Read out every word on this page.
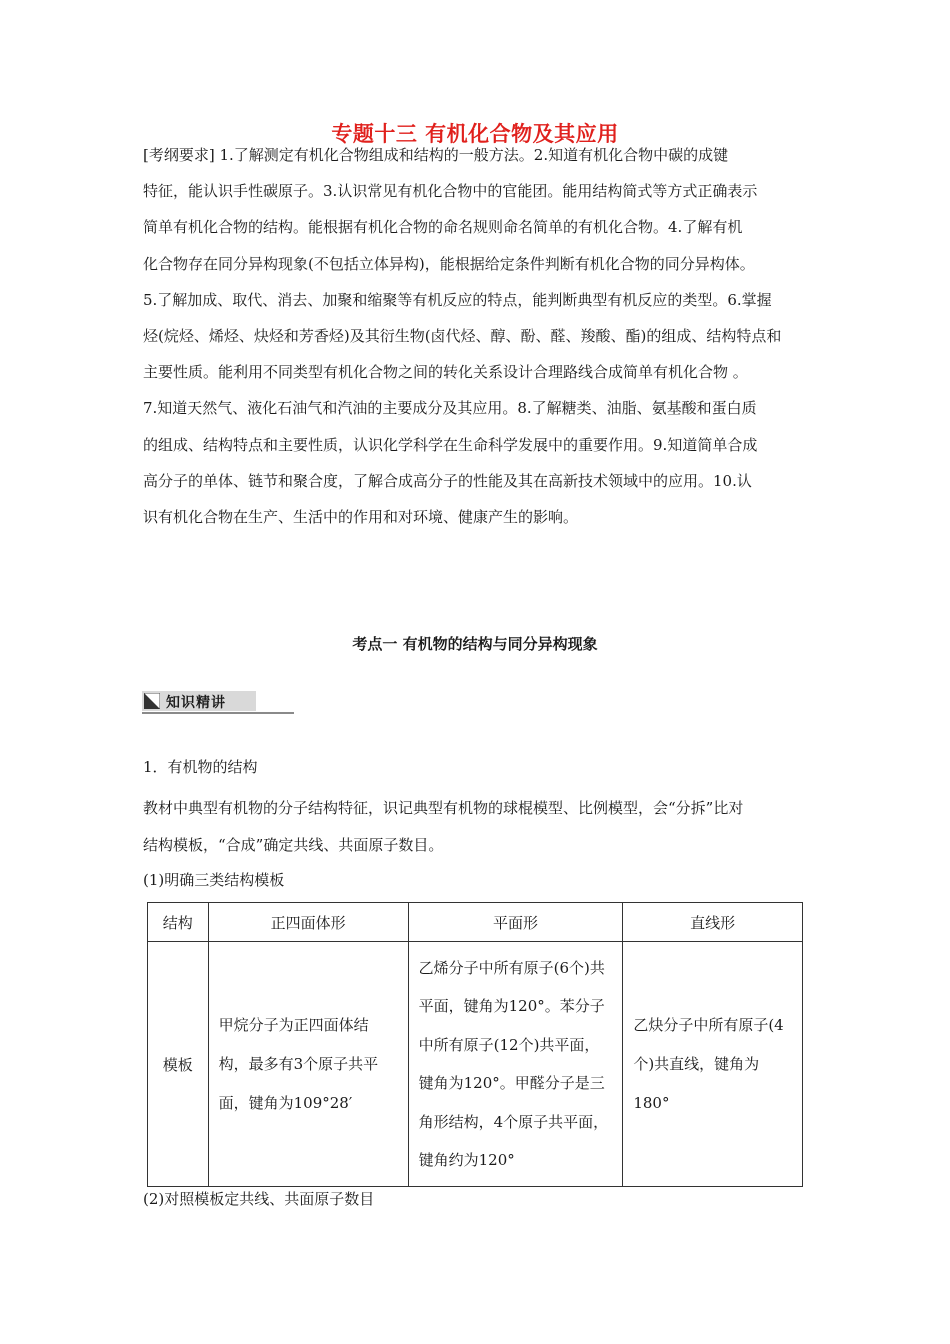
专题十三 有机化合物及其应用

[考纲要求] 1.了解测定有机化合物组成和结构的一般方法。2.知道有机化合物中碳的成键

特征，能认识手性碳原子。3.认识常见有机化合物中的官能团。能用结构简式等方式正确表示

简单有机化合物的结构。能根据有机化合物的命名规则命名简单的有机化合物。4.了解有机

化合物存在同分异构现象(不包括立体异构)，能根据给定条件判断有机化合物的同分异构体。

5.了解加成、取代、消去、加聚和缩聚等有机反应的特点，能判断典型有机反应的类型。6.掌握

烃(烷烃、烯烃、炔烃和芳香烃)及其衍生物(卤代烃、醇、酚、醛、羧酸、酯)的组成、结构特点和

主要性质。能利用不同类型有机化合物之间的转化关系设计合理路线合成简单有机化合物 。

7.知道天然气、液化石油气和汽油的主要成分及其应用。8.了解糖类、油脂、氨基酸和蛋白质

的组成、结构特点和主要性质，认识化学科学在生命科学发展中的重要作用。9.知道简单合成

高分子的单体、链节和聚合度，了解合成高分子的性能及其在高新技术领域中的应用。10.认

识有机化合物在生产、生活中的作用和对环境、健康产生的影响。

考点一 有机物的结构与同分异构现象
知识精讲
1．有机物的结构
教材中典型有机物的分子结构特征，识记典型有机物的球棍模型、比例模型，会“分拆”比对
结构模板，“合成”确定共线、共面原子数目。
(1)明确三类结构模板
结构	正四面体形	平面形	直线形
模板	甲烷分子为正四面体结构，最多有3个原子共平面，键角为109°28′	乙烯分子中所有原子(6个)共平面，键角为120°。苯分子中所有原子(12个)共平面，键角为120°。甲醛分子是三角形结构，4个原子共平面，键角约为120°	乙炔分子中所有原子(4个)共直线，键角为180°
(2)对照模板定共线、共面原子数目
